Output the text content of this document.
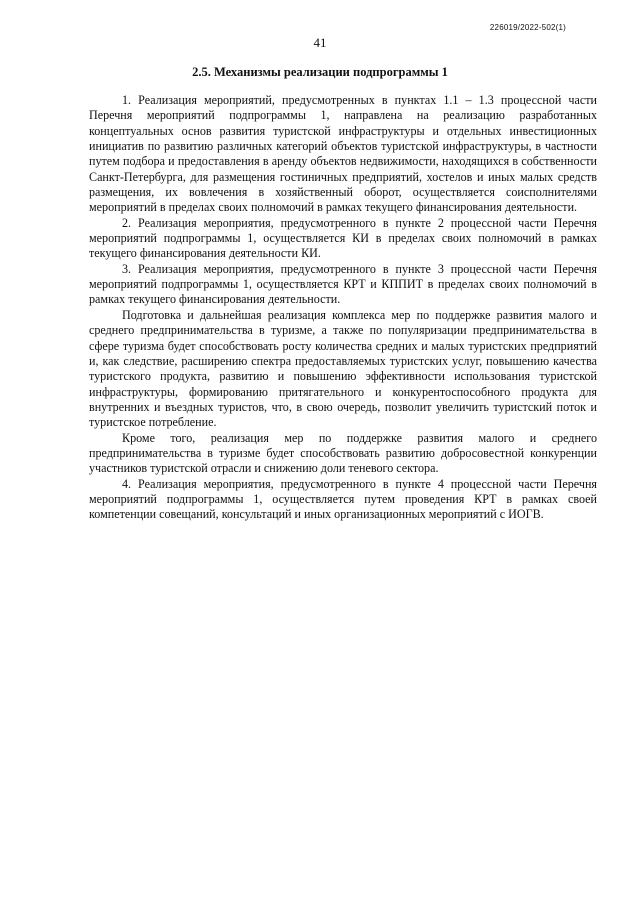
226019/2022-502(1)
41
2.5. Механизмы реализации подпрограммы 1

1. Реализация мероприятий, предусмотренных в пунктах 1.1 – 1.3 процессной части Перечня мероприятий подпрограммы 1, направлена на реализацию разработанных концептуальных основ развития туристской инфраструктуры и отдельных инвестиционных инициатив по развитию различных категорий объектов туристской инфраструктуры, в частности путем подбора и предоставления в аренду объектов недвижимости, находящихся в собственности Санкт-Петербурга, для размещения гостиничных предприятий, хостелов и иных малых средств размещения, их вовлечения в хозяйственный оборот, осуществляется соисполнителями мероприятий в пределах своих полномочий в рамках текущего финансирования деятельности.

2. Реализация мероприятия, предусмотренного в пункте 2 процессной части Перечня мероприятий подпрограммы 1, осуществляется КИ в пределах своих полномочий в рамках текущего финансирования деятельности КИ.

3. Реализация мероприятия, предусмотренного в пункте 3 процессной части Перечня мероприятий подпрограммы 1, осуществляется КРТ и КППИТ в пределах своих полномочий в рамках текущего финансирования деятельности.

Подготовка и дальнейшая реализация комплекса мер по поддержке развития малого и среднего предпринимательства в туризме, а также по популяризации предпринимательства в сфере туризма будет способствовать росту количества средних и малых туристских предприятий и, как следствие, расширению спектра предоставляемых туристских услуг, повышению качества туристского продукта, развитию и повышению эффективности использования туристской инфраструктуры, формированию притягательного и конкурентоспособного продукта для внутренних и въездных туристов, что, в свою очередь, позволит увеличить туристский поток и туристское потребление.

Кроме того, реализация мер по поддержке развития малого и среднего предпринимательства в туризме будет способствовать развитию добросовестной конкуренции участников туристской отрасли и снижению доли теневого сектора.

4. Реализация мероприятия, предусмотренного в пункте 4 процессной части Перечня мероприятий подпрограммы 1, осуществляется путем проведения КРТ в рамках своей компетенции совещаний, консультаций и иных организационных мероприятий с ИОГВ.
